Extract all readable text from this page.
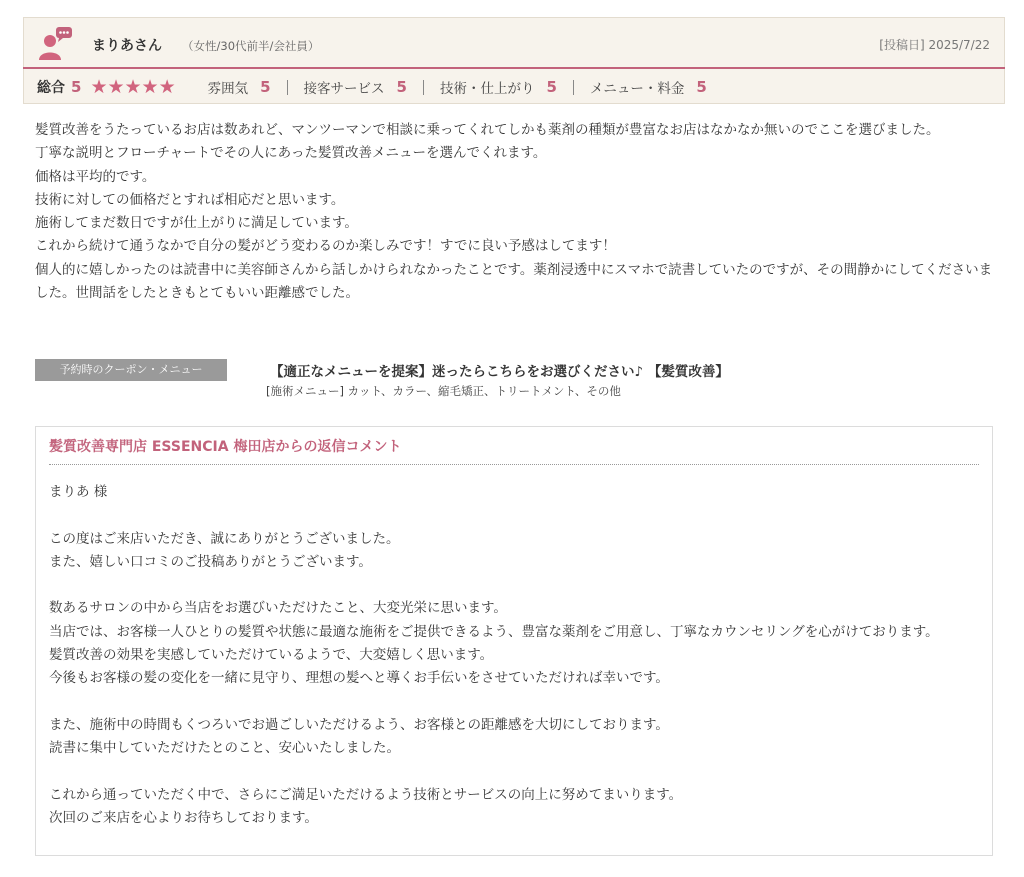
まりあさん （女性/30代前半/会社員）	[投稿日] 2025/7/22
総合 5 ★★★★★ 雰囲気 5 接客サービス 5 技術・仕上がり 5 メニュー・料金 5

髪質改善をうたっているお店は数あれど、マンツーマンで相談に乗ってくれてしかも薬剤の種類が豊富なお店はなかなか無いのでここを選びました。

丁寧な説明とフローチャートでその人にあった髪質改善メニューを選んでくれます。

価格は平均的です。

技術に対しての価格だとすれば相応だと思います。

施術してまだ数日ですが仕上がりに満足しています。

これから続けて通うなかで自分の髪がどう変わるのか楽しみです！すでに良い予感はしてます！

個人的に嬉しかったのは読書中に美容師さんから話しかけられなかったことです。薬剤浸透中にスマホで読書していたのですが、その間静かにしてくださいました。世間話をしたときもとてもいい距離感でした。

予約時のクーポン・メニュー	【適正なメニューを提案】迷ったらこちらをお選びください♪ 【髪質改善】
[施術メニュー] カット、カラー、縮毛矯正、トリートメント、その他
髪質改善専門店 ESSENCIA 梅田店からの返信コメント

まりあ 様

この度はご来店いただき、誠にありがとうございました。

また、嬉しい口コミのご投稿ありがとうございます。

数あるサロンの中から当店をお選びいただけたこと、大変光栄に思います。

当店では、お客様一人ひとりの髪質や状態に最適な施術をご提供できるよう、豊富な薬剤をご用意し、丁寧なカウンセリングを心がけております。

髪質改善の効果を実感していただけているようで、大変嬉しく思います。

今後もお客様の髪の変化を一緒に見守り、理想の髪へと導くお手伝いをさせていただければ幸いです。

また、施術中の時間もくつろいでお過ごしいただけるよう、お客様との距離感を大切にしております。

読書に集中していただけたとのこと、安心いたしました。

これから通っていただく中で、さらにご満足いただけるよう技術とサービスの向上に努めてまいります。

次回のご来店を心よりお待ちしております。
